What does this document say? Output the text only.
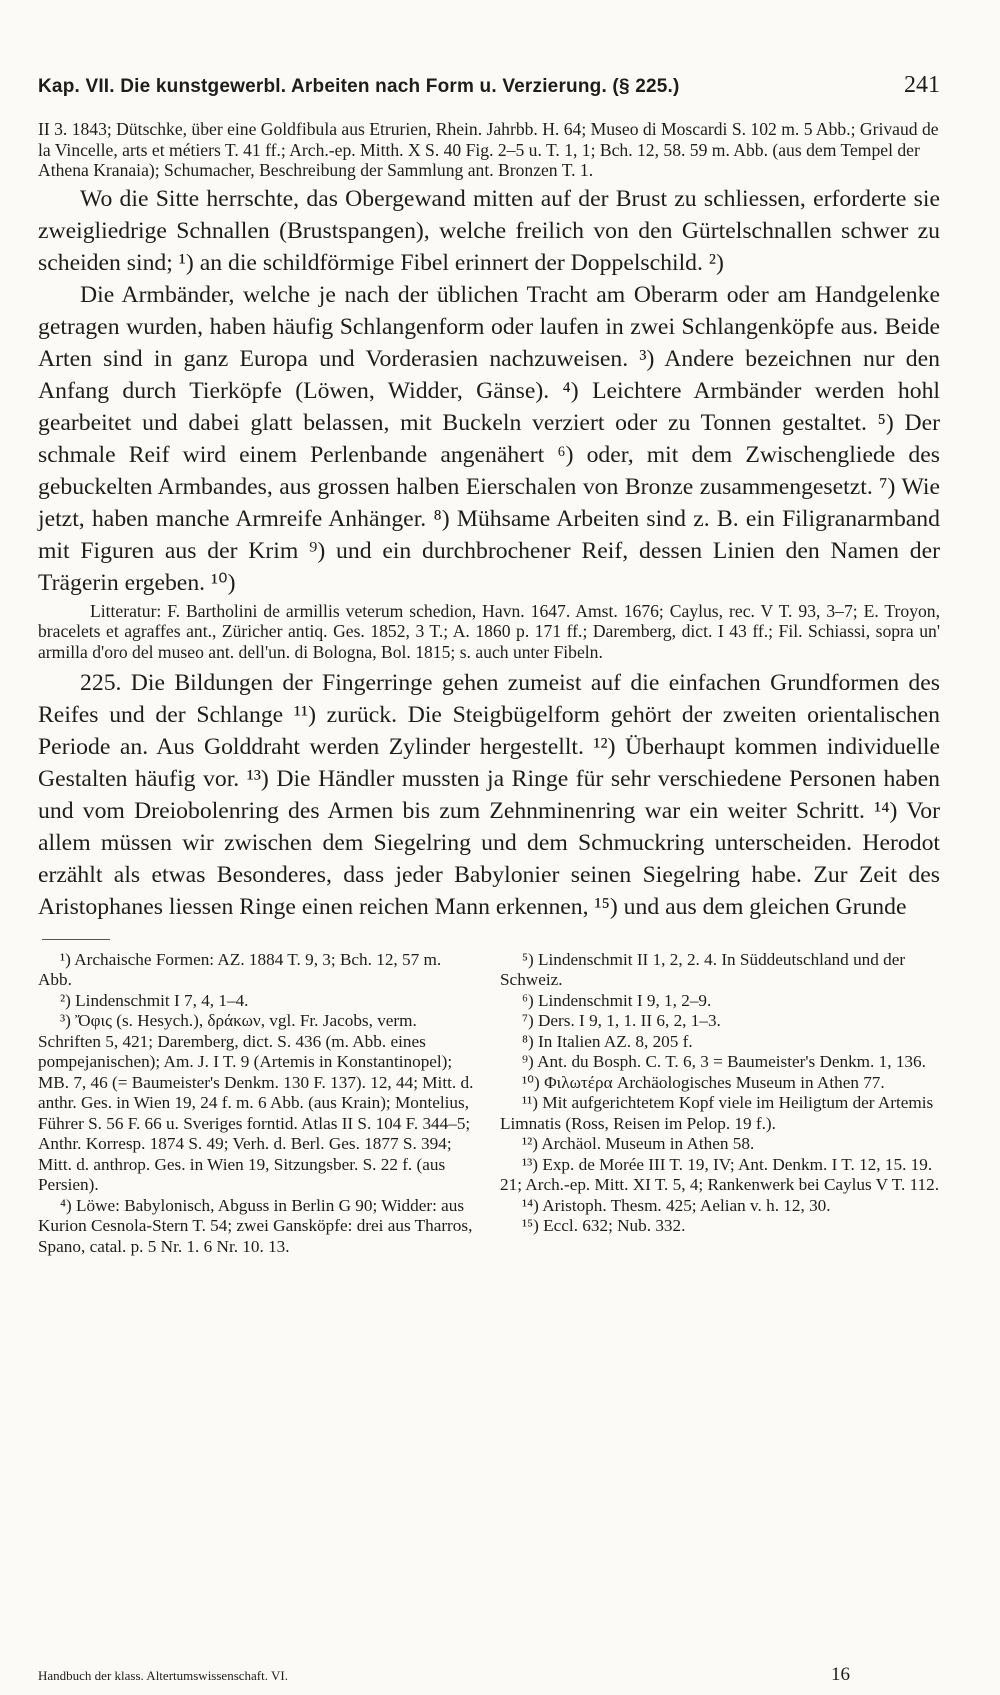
Kap. VII. Die kunstgewerbl. Arbeiten nach Form u. Verzierung. (§ 225.)	241

II 3. 1843; Dütschke, über eine Goldfibula aus Etrurien, Rhein. Jahrbb. H. 64; Museo di Moscardi S. 102 m. 5 Abb.; Grivaud de la Vincelle, arts et métiers T. 41 ff.; Arch.-ep. Mitth. X S. 40 Fig. 2–5 u. T. 1, 1; Bch. 12, 58. 59 m. Abb. (aus dem Tempel der Athena Kranaia); Schumacher, Beschreibung der Sammlung ant. Bronzen T. 1.

Wo die Sitte herrschte, das Obergewand mitten auf der Brust zu schliessen, erforderte sie zweigliedrige Schnallen (Brustspangen), welche freilich von den Gürtelschnallen schwer zu scheiden sind; ¹) an die schildförmige Fibel erinnert der Doppelschild. ²)

Die Armbänder, welche je nach der üblichen Tracht am Oberarm oder am Handgelenke getragen wurden, haben häufig Schlangenform oder laufen in zwei Schlangenköpfe aus. Beide Arten sind in ganz Europa und Vorderasien nachzuweisen. ³) Andere bezeichnen nur den Anfang durch Tierköpfe (Löwen, Widder, Gänse). ⁴) Leichtere Armbänder werden hohl gearbeitet und dabei glatt belassen, mit Buckeln verziert oder zu Tonnen gestaltet. ⁵) Der schmale Reif wird einem Perlenbande angenähert ⁶) oder, mit dem Zwischengliede des gebuckelten Armbandes, aus grossen halben Eierschalen von Bronze zusammengesetzt. ⁷) Wie jetzt, haben manche Armreife Anhänger. ⁸) Mühsame Arbeiten sind z. B. ein Filigranarmband mit Figuren aus der Krim ⁹) und ein durchbrochener Reif, dessen Linien den Namen der Trägerin ergeben. ¹⁰)

Litteratur: F. Bartholini de armillis veterum schedion, Havn. 1647. Amst. 1676; Caylus, rec. V T. 93, 3–7; E. Troyon, bracelets et agraffes ant., Züricher antiq. Ges. 1852, 3 T.; A. 1860 p. 171 ff.; Daremberg, dict. I 43 ff.; Fil. Schiassi, sopra un' armilla d'oro del museo ant. dell'un. di Bologna, Bol. 1815; s. auch unter Fibeln.

225. Die Bildungen der Fingerringe gehen zumeist auf die einfachen Grundformen des Reifes und der Schlange ¹¹) zurück. Die Steigbügelform gehört der zweiten orientalischen Periode an. Aus Golddraht werden Zylinder hergestellt. ¹²) Überhaupt kommen individuelle Gestalten häufig vor. ¹³) Die Händler mussten ja Ringe für sehr verschiedene Personen haben und vom Dreiobolenring des Armen bis zum Zehnminenring war ein weiter Schritt. ¹⁴) Vor allem müssen wir zwischen dem Siegelring und dem Schmuckring unterscheiden. Herodot erzählt als etwas Besonderes, dass jeder Babylonier seinen Siegelring habe. Zur Zeit des Aristophanes liessen Ringe einen reichen Mann erkennen, ¹⁵) und aus dem gleichen Grunde

¹) Archaische Formen: AZ. 1884 T. 9, 3; Bch. 12, 57 m. Abb.

²) Lindenschmit I 7, 4, 1–4.

³) Ὄφις (s. Hesych.), δράκων, vgl. Fr. Jacobs, verm. Schriften 5, 421; Daremberg, dict. S. 436 (m. Abb. eines pompejanischen); Am. J. I T. 9 (Artemis in Konstantinopel); MB. 7, 46 (= Baumeister's Denkm. 130 F. 137). 12, 44; Mitt. d. anthr. Ges. in Wien 19, 24 f. m. 6 Abb. (aus Krain); Montelius, Führer S. 56 F. 66 u. Sveriges forntid. Atlas II S. 104 F. 344–5; Anthr. Korresp. 1874 S. 49; Verh. d. Berl. Ges. 1877 S. 394; Mitt. d. anthrop. Ges. in Wien 19, Sitzungsber. S. 22 f. (aus Persien).

⁴) Löwe: Babylonisch, Abguss in Berlin G 90; Widder: aus Kurion Cesnola-Stern T. 54; zwei Gansköpfe: drei aus Tharros, Spano, catal. p. 5 Nr. 1. 6 Nr. 10. 13.

⁵) Lindenschmit II 1, 2, 2. 4. In Süddeutschland und der Schweiz.

⁶) Lindenschmit I 9, 1, 2–9.

⁷) Ders. I 9, 1, 1. II 6, 2, 1–3.

⁸) In Italien AZ. 8, 205 f.

⁹) Ant. du Bosph. C. T. 6, 3 = Baumeister's Denkm. 1, 136.

¹⁰) Φιλωτέρα Archäologisches Museum in Athen 77.

¹¹) Mit aufgerichtetem Kopf viele im Heiligtum der Artemis Limnatis (Ross, Reisen im Pelop. 19 f.).

¹²) Archäol. Museum in Athen 58.

¹³) Exp. de Morée III T. 19, IV; Ant. Denkm. I T. 12, 15. 19. 21; Arch.-ep. Mitt. XI T. 5, 4; Rankenwerk bei Caylus V T. 112.

¹⁴) Aristoph. Thesm. 425; Aelian v. h. 12, 30.

¹⁵) Eccl. 632; Nub. 332.

Handbuch der klass. Altertumswissenschaft. VI.	16
